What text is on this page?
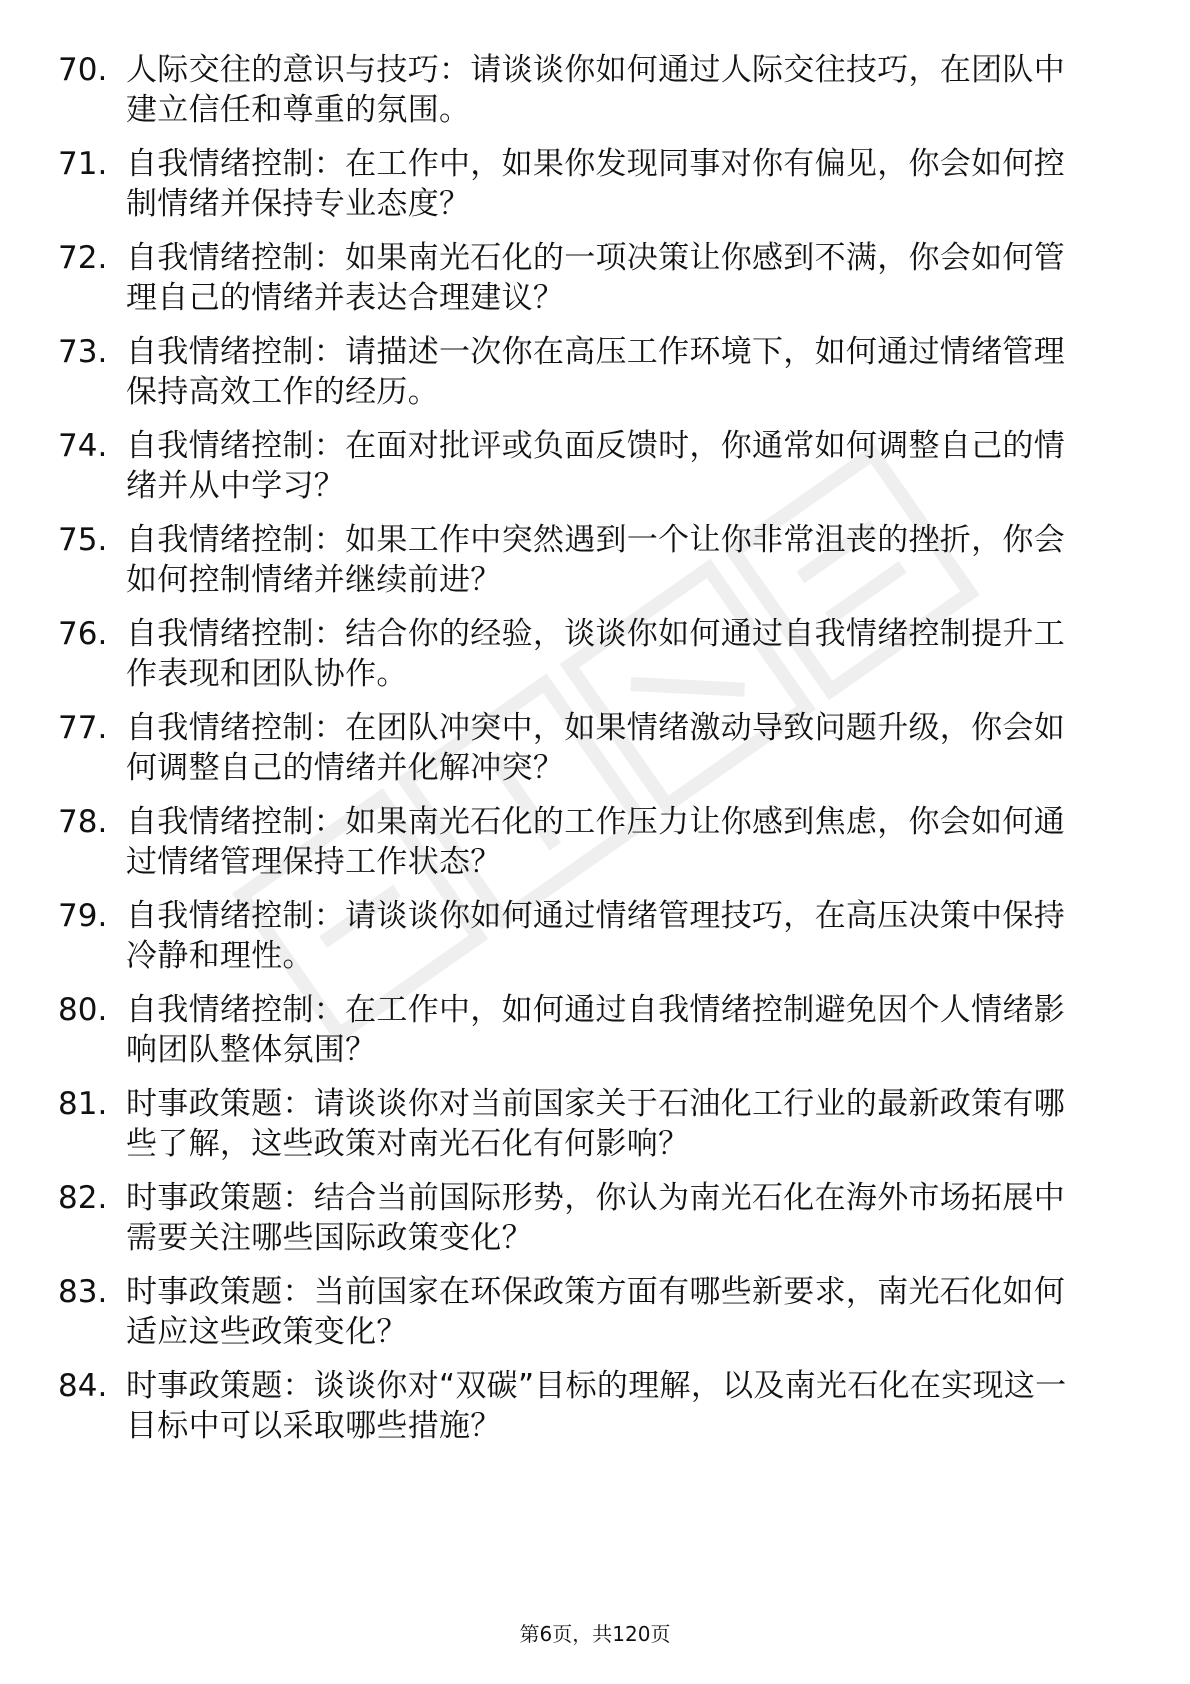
70. 人际交往的意识与技巧：请谈谈你如何通过人际交往技巧，在团队中建立信任和尊重的氛围。
71. 自我情绪控制：在工作中，如果你发现同事对你有偏见，你会如何控制情绪并保持专业态度？
72. 自我情绪控制：如果南光石化的一项决策让你感到不满，你会如何管理自己的情绪并表达合理建议？
73. 自我情绪控制：请描述一次你在高压工作环境下，如何通过情绪管理保持高效工作的经历。
74. 自我情绪控制：在面对批评或负面反馈时，你通常如何调整自己的情绪并从中学习？
75. 自我情绪控制：如果工作中突然遇到一个让你非常沮丧的挫折，你会如何控制情绪并继续前进？
76. 自我情绪控制：结合你的经验，谈谈你如何通过自我情绪控制提升工作表现和团队协作。
77. 自我情绪控制：在团队冲突中，如果情绪激动导致问题升级，你会如何调整自己的情绪并化解冲突？
78. 自我情绪控制：如果南光石化的工作压力让你感到焦虑，你会如何通过情绪管理保持工作状态？
79. 自我情绪控制：请谈谈你如何通过情绪管理技巧，在高压决策中保持冷静和理性。
80. 自我情绪控制：在工作中，如何通过自我情绪控制避免因个人情绪影响团队整体氛围？
81. 时事政策题：请谈谈你对当前国家关于石油化工行业的最新政策有哪些了解，这些政策对南光石化有何影响？
82. 时事政策题：结合当前国际形势，你认为南光石化在海外市场拓展中需要关注哪些国际政策变化？
83. 时事政策题：当前国家在环保政策方面有哪些新要求，南光石化如何适应这些政策变化？
84. 时事政策题：谈谈你对“双碳”目标的理解，以及南光石化在实现这一目标中可以采取哪些措施？
第6页，共120页
